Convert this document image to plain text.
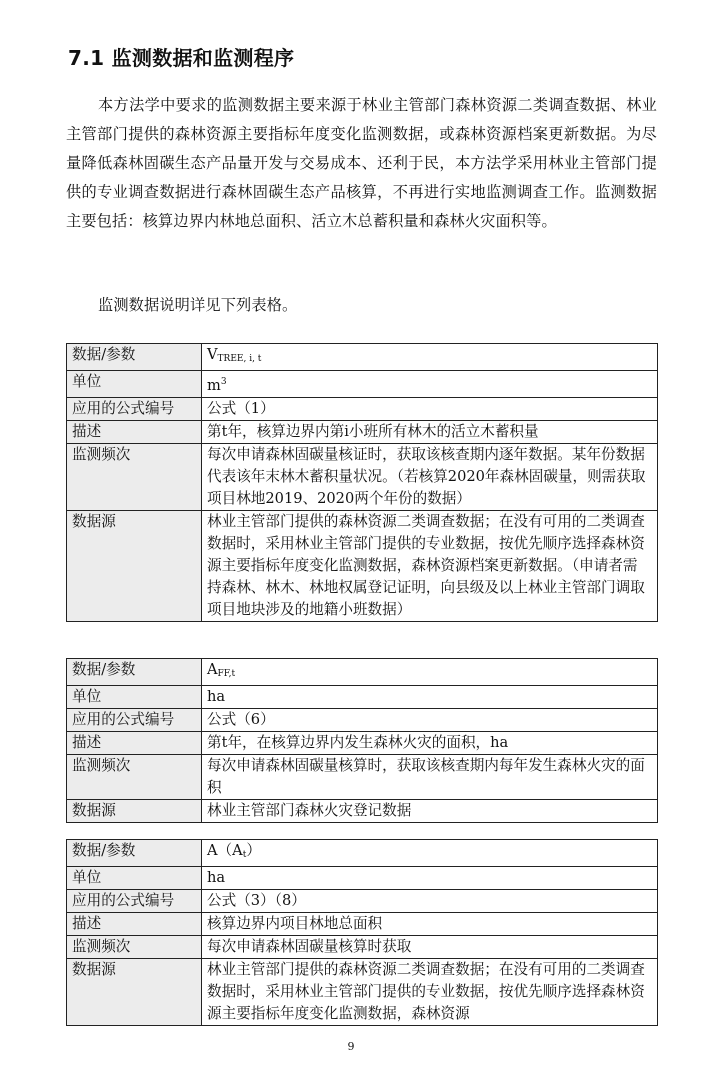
7.1 监测数据和监测程序

本方法学中要求的监测数据主要来源于林业主管部门森林资源二类调查数据、林业主管部门提供的森林资源主要指标年度变化监测数据，或森林资源档案更新数据。为尽量降低森林固碳生态产品量开发与交易成本、还利于民，本方法学采用林业主管部门提供的专业调查数据进行森林固碳生态产品核算，不再进行实地监测调查工作。监测数据主要包括：核算边界内林地总面积、活立木总蓄积量和森林火灾面积等。

监测数据说明详见下列表格。

数据/参数	$V_{TREE, i, t}$
单位	$m^3$
应用的公式编号	公式（1）
描述	第t年，核算边界内第i小班所有林木的活立木蓄积量
监测频次	每次申请森林固碳量核证时，获取该核查期内逐年数据。某年份数据代表该年末林木蓄积量状况。（若核算2020年森林固碳量，则需获取项目林地2019、2020两个年份的数据）
数据源	林业主管部门提供的森林资源二类调查数据；在没有可用的二类调查数据时，采用林业主管部门提供的专业数据，按优先顺序选择森林资源主要指标年度变化监测数据，森林资源档案更新数据。（申请者需持森林、林木、林地权属登记证明，向县级及以上林业主管部门调取项目地块涉及的地籍小班数据）
数据/参数	$A_{FF,t}$
单位	ha
应用的公式编号	公式（6）
描述	第t年，在核算边界内发生森林火灾的面积，ha
监测频次	每次申请森林固碳量核算时，获取该核查期内每年发生森林火灾的面积
数据源	林业主管部门森林火灾登记数据
数据/参数	$A(A_t)$
单位	ha
应用的公式编号	公式（3）（8）
描述	核算边界内项目林地总面积
监测频次	每次申请森林固碳量核算时获取
数据源	林业主管部门提供的森林资源二类调查数据；在没有可用的二类调查数据时，采用林业主管部门提供的专业数据，按优先顺序选择森林资源主要指标年度变化监测数据，森林资源
9
